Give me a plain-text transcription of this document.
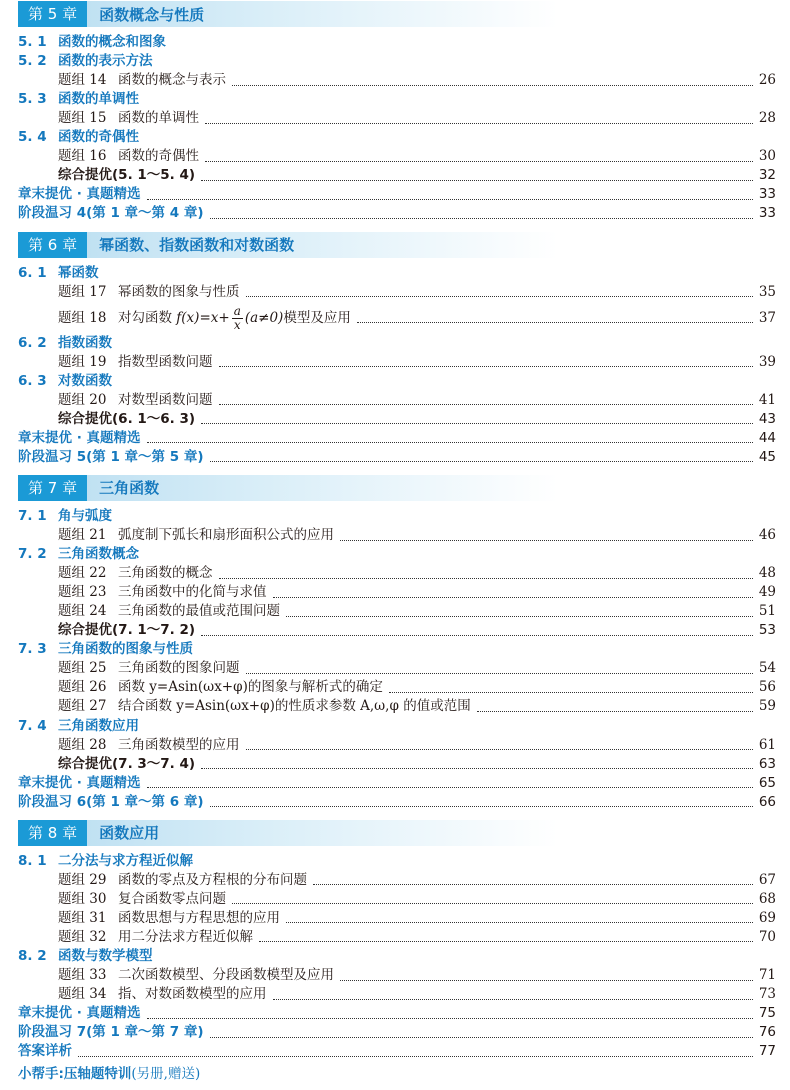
第 5 章	函数概念与性质
5. 1 函数的概念和图象
5. 2 函数的表示方法
题组 14 函数的概念与表示	26
5. 3 函数的单调性
题组 15 函数的单调性	28
5. 4 函数的奇偶性
题组 16 函数的奇偶性	30
综合提优(5. 1～5. 4)	32
章末提优 · 真题精选	33
阶段温习 4(第 1 章～第 4 章)	33
第 6 章	幂函数、指数函数和对数函数
6. 1 幂函数
题组 17 幂函数的图象与性质	35
题组 18 对勾函数 $f(x)=x+ \frac{a}{x} (a\ne 0)$模型及应用	37
6. 2 指数函数
题组 19 指数型函数问题	39
6. 3 对数函数
题组 20 对数型函数问题	41
综合提优(6. 1～6. 3)	43
章末提优 · 真题精选	44
阶段温习 5(第 1 章～第 5 章)	45
第 7 章	三角函数
7. 1 角与弧度
题组 21 弧度制下弧长和扇形面积公式的应用	46
7. 2 三角函数概念
题组 22 三角函数的概念	48
题组 23 三角函数中的化简与求值	49
题组 24 三角函数的最值或范围问题	51
综合提优(7. 1～7. 2)	53
7. 3 三角函数的图象与性质
题组 25 三角函数的图象问题	54
题组 26 函数 y=Asin(ωx+φ)的图象与解析式的确定	56
题组 27 结合函数 y=Asin(ωx+φ)的性质求参数 A,ω,φ 的值或范围	59
7. 4 三角函数应用
题组 28 三角函数模型的应用	61
综合提优(7. 3～7. 4)	63
章末提优 · 真题精选	65
阶段温习 6(第 1 章～第 6 章)	66
第 8 章	函数应用
8. 1 二分法与求方程近似解
题组 29 函数的零点及方程根的分布问题	67
题组 30 复合函数零点问题	68
题组 31 函数思想与方程思想的应用	69
题组 32 用二分法求方程近似解	70
8. 2 函数与数学模型
题组 33 二次函数模型、分段函数模型及应用	71
题组 34 指、对数函数模型的应用	73
章末提优 · 真题精选	75
阶段温习 7(第 1 章～第 7 章)	76
答案详析	77
小帮手:压轴题特训(另册,赠送)
